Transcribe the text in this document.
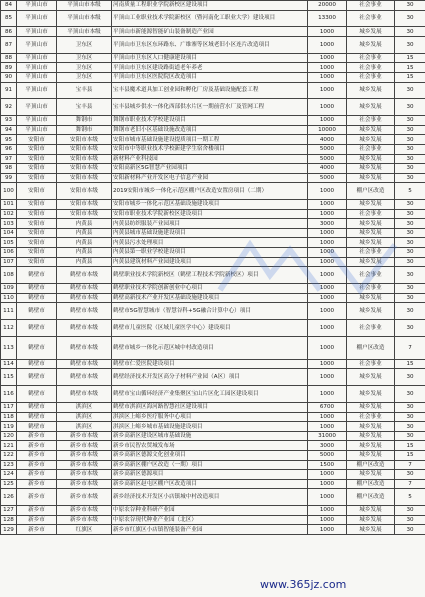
84	平顶山市	平顶山市本级	河南质量工程职业学院新校区建设项目	20000	社会事业	30
85	平顶山市	平顶山市本级	平顶山工业职业技术学院新校区（暨河南化工职业大学）建设项目	13300	社会事业	30
86	平顶山市	平顶山市本级	平顶山市新能源智能矿山装备制造产业园	1000	城乡发展	30
87	平顶山市	卫东区	平顶山市卫东区东环路东、广维寨等区域老旧小区连片改造项目	1000	城乡发展	30
88	平顶山市	卫东区	平顶山市卫东区人口健康建设项目	1000	社会事业	15
89	平顶山市	卫东区	平顶山市卫东区建设路街道老年养老	1000	社会事业	15
90	平顶山市	卫东区	平顶山市卫东区医院院区改造项目	1000	社会事业	15
91	平顶山市	宝丰县	宝丰县魔术道具加工创业园和孵化厂房及基础设施配套工程	1000	城乡发展	30
92	平顶山市	宝丰县	宝丰县城乡供水一体化西部供水片区一期前营水厂及管网工程	1000	城乡发展	30
93	平顶山市	舞钢市	舞钢市职业技术学校建设项目	1000	社会事业	30
94	平顶山市	舞钢市	舞钢市老旧小区基础设施改造项目	10000	城乡发展	30
95	安阳市	安阳市本级	安阳市城市基础设施建设提质项目一期工程	4000	城乡发展	30
96	安阳市	安阳市本级	安阳市中等职业技术学校新建学生宿舍楼项目	5000	社会事业	30
97	安阳市	安阳市本级	新材料产业科技园	5000	城乡发展	30
98	安阳市	安阳市本级	安阳高新区5G智慧产业园项目	4000	城乡发展	30
99	安阳市	安阳市本级	安阳新材料产业开发区电子信息产业园	5000	城乡发展	30
100	安阳市	安阳市本级	2019安阳市城乡一体化示范区棚户区改造安置房项目（二期）	1000	棚户区改造	5
101	安阳市	安阳市本级	安阳市城乡一体化示范区基础设施建设项目	1000	城乡发展	30
102	安阳市	安阳市本级	安阳市职业技术学院新校区建设项目	1000	社会事业	30
103	安阳市	内黄县	内黄县纺织服装产业园项目	3000	城乡发展	30
104	安阳市	内黄县	内黄县城市基础设施建设项目	1000	城乡发展	30
105	安阳市	内黄县	内黄县污水处理项目	1000	城乡发展	30
106	安阳市	内黄县	内黄县第一职业学校建设项目	1000	社会事业	30
107	安阳市	内黄县	内黄县建筑材料产业园建设项目	1000	城乡发展	30
108	鹤壁市	鹤壁市本级	鹤壁职业技术学院新校区（鹤壁工程技术学院新校区）项目	1000	社会事业	30
109	鹤壁市	鹤壁市本级	鹤壁职业技术学院创新创业中心项目	1000	社会事业	30
110	鹤壁市	鹤壁市本级	鹤壁高新技术产业开发区基础设施建设项目	1000	城乡发展	30
111	鹤壁市	鹤壁市本级	鹤壁市5G智慧城市（智慧谷科+5G融合计算中心）项目	1000	城乡发展	30
112	鹤壁市	鹤壁市本级	鹤壁市儿童医院（区域儿童医学中心）建设项目	1000	社会事业	30
113	鹤壁市	鹤壁市本级	鹤壁市城乡一体化示范区城中村改造项目	1000	棚户区改造	7
114	鹤壁市	鹤壁市本级	鹤壁市仁爱医院建设项目	1000	社会事业	15
115	鹤壁市	鹤壁市本级	鹤壁经济技术开发区高分子材料产业园（A区）项目	1000	城乡发展	30
116	鹤壁市	鹤壁市本级	鹤壁市宝山循环经济产业集聚区宝山片区化工园区建设项目	1000	城乡发展	30
117	鹤壁市	淇滨区	鹤壁市淇滨区海河路智慧社区建设项目	6700	城乡发展	30
118	鹤壁市	淇滨区	淇滨区上峪乡医疗服务中心项目	1000	社会事业	30
119	鹤壁市	淇滨区	淇滨区上峪乡城市基础设施建设项目	1000	城乡发展	30
120	新乡市	新乡市本级	新乡高新区建设区城市基础设施	31000	城乡发展	30
121	新乡市	新乡市本级	新乡市民智农贸城发布场	3000	城乡发展	15
122	新乡市	新乡市本级	新乡高新区德源文化创业项目	5000	城乡发展	15
123	新乡市	新乡市本级	新乡高新区棚户区改造（一期）项目	1500	棚户区改造	7
124	新乡市	新乡市本级	新乡高新区德源项目	1000	城乡发展	30
125	新乡市	新乡市本级	新乡高新区赵屯区棚户区改造项目	1000	棚户区改造	7
126	新乡市	新乡市本级	新乡经济技术开发区小店镇城中村改造项目	1000	棚户区改造	5
127	新乡市	新乡市本级	中原农谷种业科研产业园	1000	城乡发展	30
128	新乡市	新乡市本级	中原农谷现代种业产业园（北区）	1000	城乡发展	30
129	新乡市	红旗区	新乡市红旗区小店镇智能装备产业园	1000	城乡发展	30
www.365jz.com
